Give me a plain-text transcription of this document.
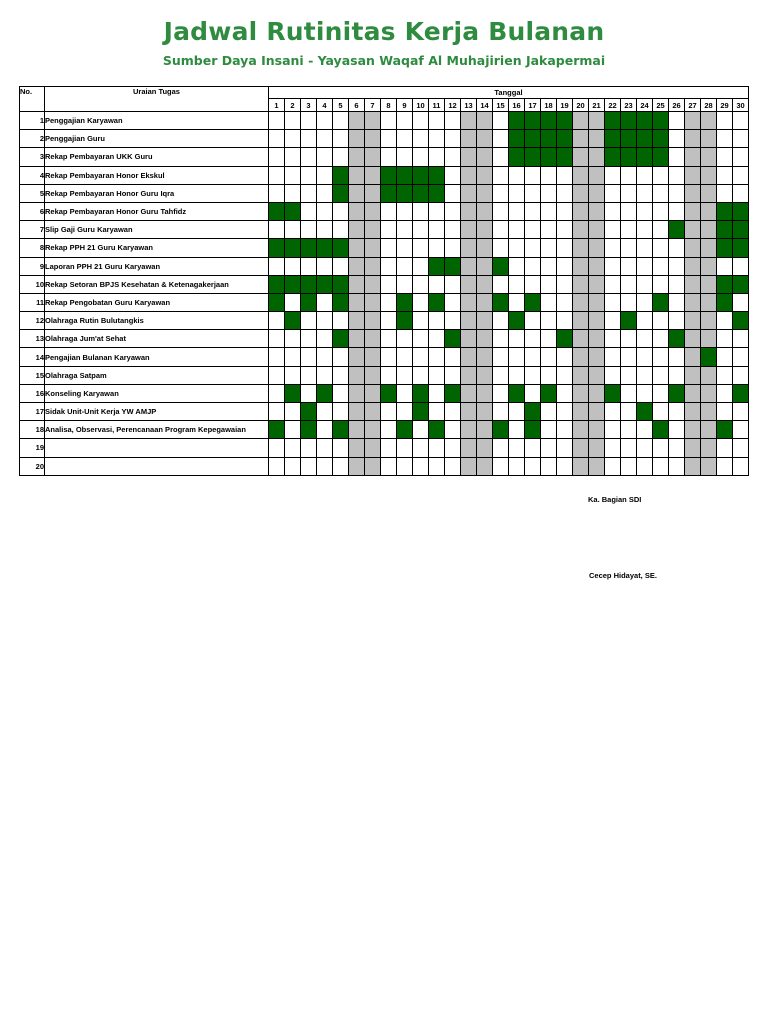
Jadwal Rutinitas Kerja Bulanan
Sumber Daya Insani - Yayasan Waqaf Al Muhajirien Jakapermai
No.	Uraian Tugas	Tanggal																													
		1	2	3	4	5	6	7	8	9	10	11	12	13	14	15	16	17	18	19	20	21	22	23	24	25	26	27	28	29	30
1	Penggajian Karyawan																														
2	Penggajian Guru																														
3	Rekap Pembayaran UKK Guru																														
4	Rekap Pembayaran Honor Ekskul																														
5	Rekap Pembayaran Honor Guru Iqra																														
6	Rekap Pembayaran Honor Guru Tahfidz																														
7	Slip Gaji Guru Karyawan																														
8	Rekap PPH 21 Guru Karyawan																														
9	Laporan PPH 21 Guru Karyawan																														
10	Rekap Setoran BPJS Kesehatan & Ketenagakerjaan																														
11	Rekap Pengobatan Guru Karyawan																														
12	Olahraga Rutin Bulutangkis																														
13	Olahraga Jum'at Sehat																														
14	Pengajian Bulanan Karyawan																														
15	Olahraga Satpam																														
16	Konseling Karyawan																														
17	Sidak Unit-Unit Kerja YW AMJP																														
18	Analisa, Observasi, Perencanaan Program Kepegawaian																														
19																															
20																															
Ka. Bagian SDI
Cecep Hidayat, SE.
